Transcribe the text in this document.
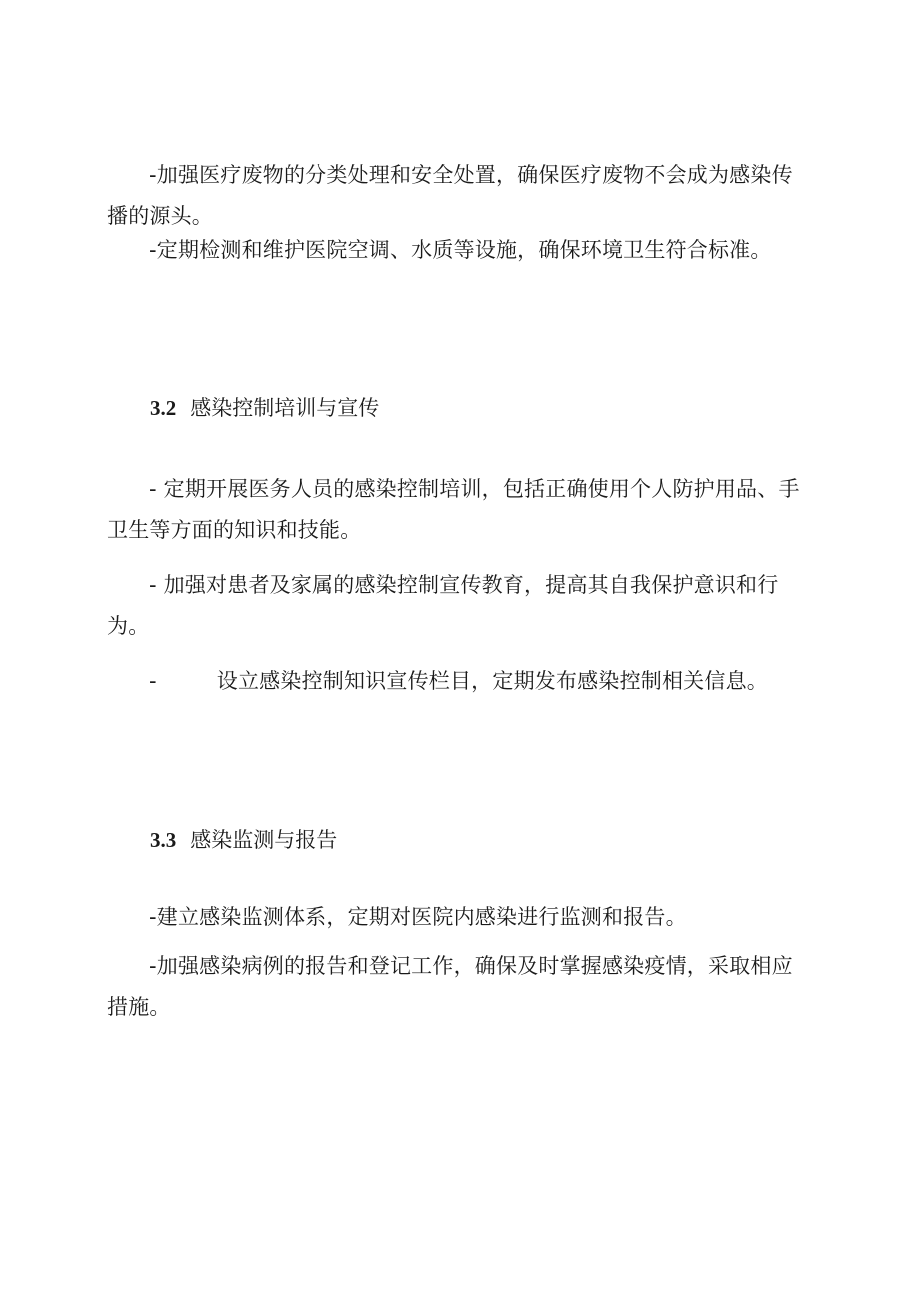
-加强医疗废物的分类处理和安全处置，确保医疗废物不会成为感染传播的源头。

-定期检测和维护医院空调、水质等设施，确保环境卫生符合标准。

3.2 感染控制培训与宣传

- 定期开展医务人员的感染控制培训，包括正确使用个人防护用品、手卫生等方面的知识和技能。

- 加强对患者及家属的感染控制宣传教育，提高其自我保护意识和行为。

-	设立感染控制知识宣传栏目，定期发布感染控制相关信息。

3.3 感染监测与报告

-建立感染监测体系，定期对医院内感染进行监测和报告。

-加强感染病例的报告和登记工作，确保及时掌握感染疫情，采取相应措施。
